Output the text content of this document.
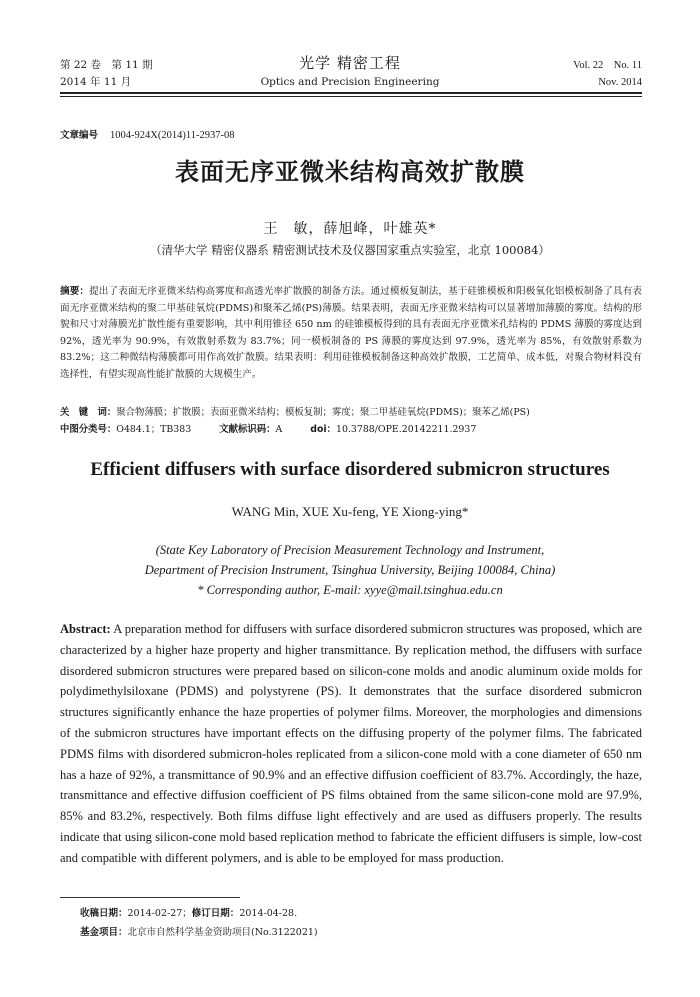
第 22 卷　第 11 期
2014 年 11 月
光学 精密工程
Optics and Precision Engineering
Vol. 22　No. 11
Nov. 2014
文章编号 1004-924X(2014)11-2937-08
表面无序亚微米结构高效扩散膜
王　敏，薛旭峰，叶雄英*
（清华大学 精密仪器系 精密测试技术及仪器国家重点实验室，北京 100084）
摘要：提出了表面无序亚微米结构高雾度和高透光率扩散膜的制备方法。通过模板复制法，基于硅锥模板和阳极氧化铝模板制备了具有表面无序亚微米结构的聚二甲基硅氧烷(PDMS)和聚苯乙烯(PS)薄膜。结果表明，表面无序亚微米结构可以显著增加薄膜的雾度。结构的形貌和尺寸对薄膜光扩散性能有重要影响，其中利用锥径 650 nm 的硅锥模板得到的具有表面无序亚微米孔结构的 PDMS 薄膜的雾度达到 92%，透光率为 90.9%，有效散射系数为 83.7%；同一模板制备的 PS 薄膜的雾度达到 97.9%，透光率为 85%，有效散射系数为 83.2%；这二种微结构薄膜都可用作高效扩散膜。结果表明：利用硅锥模板制备这种高效扩散膜，工艺简单、成本低，对聚合物材料没有选择性，有望实现高性能扩散膜的大规模生产。
关　键　词：聚合物薄膜；扩散膜；表面亚微米结构；模板复制；雾度；聚二甲基硅氧烷(PDMS)；聚苯乙烯(PS)
中图分类号：O484.1；TB383	文献标识码：A	doi：10.3788/OPE.20142211.2937
Efficient diffusers with surface disordered submicron structures
WANG Min, XUE Xu-feng, YE Xiong-ying*
(State Key Laboratory of Precision Measurement Technology and Instrument,
Department of Precision Instrument, Tsinghua University, Beijing 100084, China)
* Corresponding author, E-mail: xyye@mail.tsinghua.edu.cn
Abstract: A preparation method for diffusers with surface disordered submicron structures was proposed, which are characterized by a higher haze property and higher transmittance. By replication method, the diffusers with surface disordered submicron structures were prepared based on silicon-cone molds and anodic aluminum oxide molds for polydimethylsiloxane (PDMS) and polystyrene (PS). It demonstrates that the surface disordered submicron structures significantly enhance the haze properties of polymer films. Moreover, the morphologies and dimensions of the submicron structures have important effects on the diffusing property of the polymer films. The fabricated PDMS films with disordered submicron-holes replicated from a silicon-cone mold with a cone diameter of 650 nm has a haze of 92%, a transmittance of 90.9% and an effective diffusion coefficient of 83.7%. Accordingly, the haze, transmittance and effective diffusion coefficient of PS films obtained from the same silicon-cone mold are 97.9%, 85% and 83.2%, respectively. Both films diffuse light effectively and are used as diffusers properly. The results indicate that using silicon-cone mold based replication method to fabricate the efficient diffusers is simple, low-cost and compatible with different polymers, and is able to be employed for mass production.
收稿日期：2014-02-27；修订日期：2014-04-28.
基金项目：北京市自然科学基金资助项目(No.3122021)
